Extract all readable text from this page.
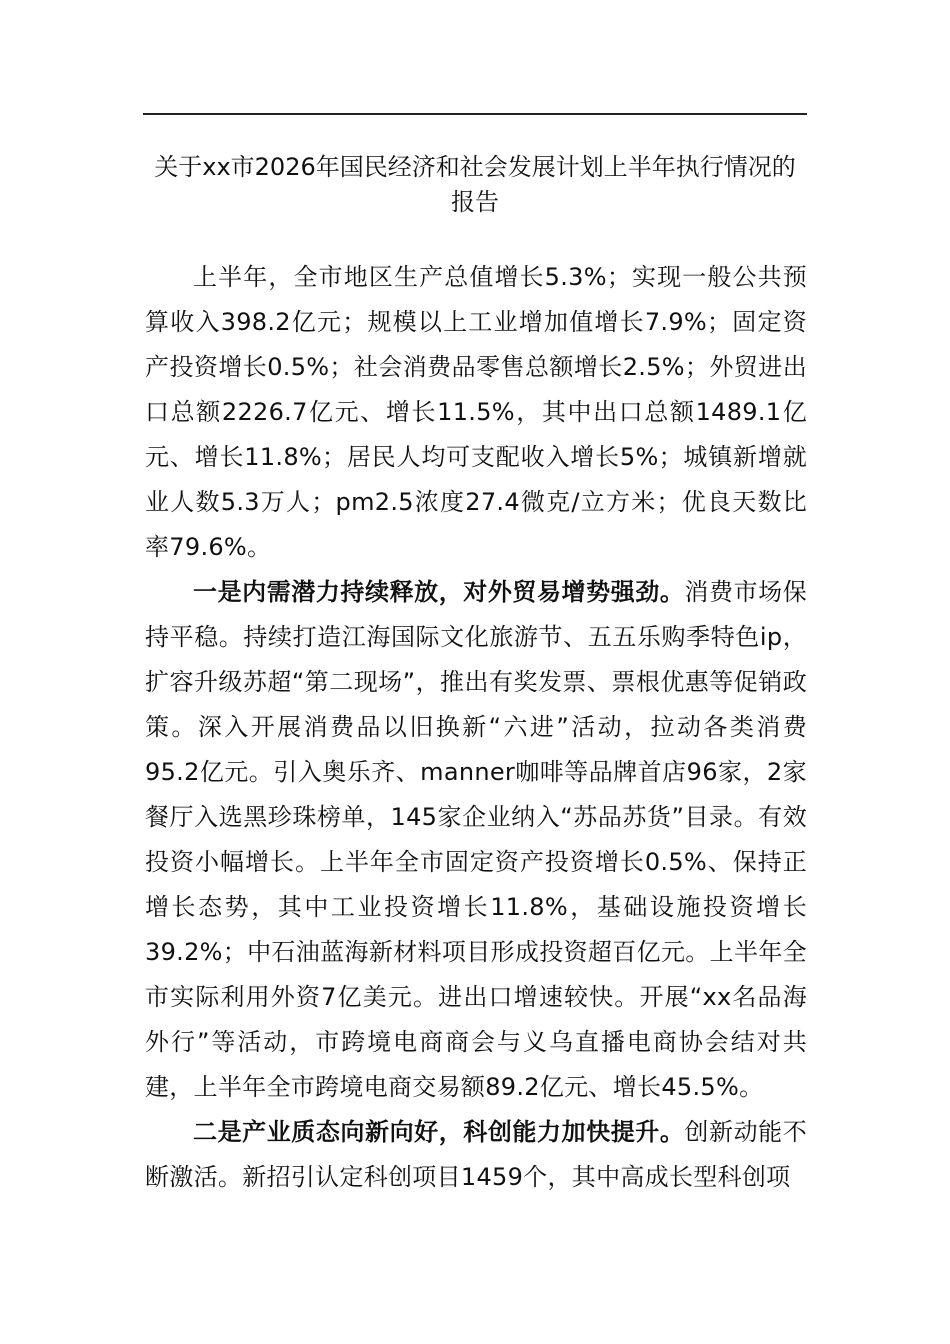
关于xx市2026年国民经济和社会发展计划上半年执行情况的
报告

上半年，全市地区生产总值增长5.3%；实现一般公共预算收入398.2亿元；规模以上工业增加值增长7.9%；固定资产投资增长0.5%；社会消费品零售总额增长2.5%；外贸进出口总额2226.7亿元、增长11.5%，其中出口总额1489.1亿元、增长11.8%；居民人均可支配收入增长5%；城镇新增就业人数5.3万人；pm2.5浓度27.4微克/立方米；优良天数比率79.6%。

一是内需潜力持续释放，对外贸易增势强劲。消费市场保持平稳。持续打造江海国际文化旅游节、五五乐购季特色ip，扩容升级苏超“第二现场”，推出有奖发票、票根优惠等促销政策。深入开展消费品以旧换新“六进”活动，拉动各类消费95.2亿元。引入奥乐齐、manner咖啡等品牌首店96家，2家餐厅入选黑珍珠榜单，145家企业纳入“苏品苏货”目录。有效投资小幅增长。上半年全市固定资产投资增长0.5%、保持正增长态势，其中工业投资增长11.8%，基础设施投资增长39.2%；中石油蓝海新材料项目形成投资超百亿元。上半年全市实际利用外资7亿美元。进出口增速较快。开展“xx名品海外行”等活动，市跨境电商商会与义乌直播电商协会结对共建，上半年全市跨境电商交易额89.2亿元、增长45.5%。

二是产业质态向新向好，科创能力加快提升。创新动能不断激活。新招引认定科创项目1459个，其中高成长型科创项
